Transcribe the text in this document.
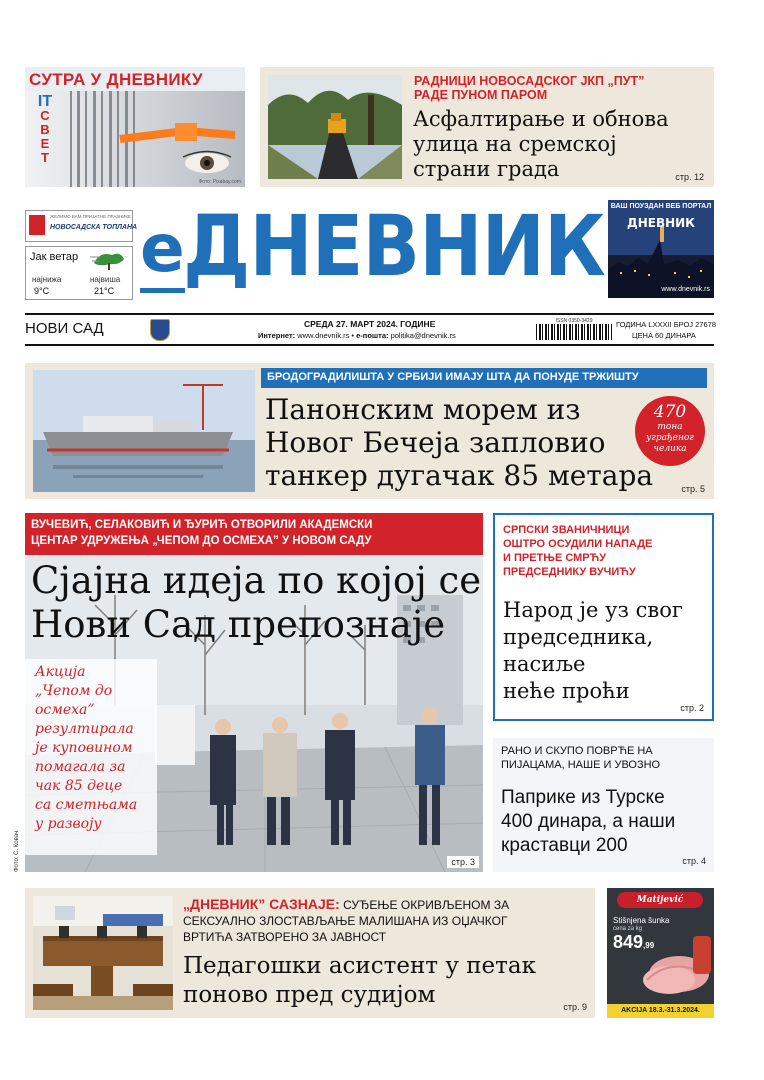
СУТРА У ДНЕВНИКУ
IT
С
В
Е
Т
Фото: Pixabay.com
РАДНИЦИ НОВОСАДСКОГ ЈКП „ПУТ”
РАДЕ ПУНОМ ПАРОМ
Асфалтирање и обнова
улица на сремској
страни града	стр. 12
ЖЕЛИМО ВАМ ПРИЈАТНЕ ПРАЗНИКЕ
НОВОСАДСКА ТОПЛАНА
Јак ветар
најнижа
9°C
највиша
21°C
e
ДНЕВНИК ВАШ ПОУЗДАН ВЕБ ПОРТАЛ
ДНЕВНИК
www.dnevnik.rs
НОВИ САД	СРЕДА 27. МАРТ 2024. ГОДИНЕ
Интернет: www.dnevnik.rs • е-пошта: politika@dnevnik.rs
ISSN 0350-3429	ГОДИНА LXXXII БРОЈ 27678
ЦЕНА 60 ДИНАРА
БРОДОГРАДИЛИШТА У СРБИЈИ ИМАЈУ ШТА ДА ПОНУДЕ ТРЖИШТУ
Панонским морем из
Новог Бечеја запловио
танкер дугачак 85 метара
470
тона
уграђеног
челика
стр. 5
ВУЧЕВИЋ, СЕЛАКОВИЋ И ЂУРИЋ ОТВОРИЛИ АКАДЕМСКИ
ЦЕНТАР УДРУЖЕЊА „ЧЕПОМ ДО ОСМЕХА” У НОВОМ САДУ
Сјајна идеја по којој се
Нови Сад препознаје
Акција
„Чепом до
осмеха”
резултирала
је куповином
помагала за
чак 85 деце
са сметњама
у развоју
стр. 3
Фото: С. Ковач
СРПСКИ ЗВАНИЧНИЦИ
ОШТРО ОСУДИЛИ НАПАДЕ
И ПРЕТЊЕ СМРЋУ
ПРЕДСЕДНИКУ ВУЧИЋУ
Народ је уз свог
председника,
насиље
неће проћи
стр. 2
РАНО И СКУПО ПОВРЋЕ НА
ПИЈАЦАМА, НАШЕ И УВОЗНО
Паприке из Турске
400 динара, а наши
краставци 200
стр. 4
„ДНЕВНИК” САЗНАЈЕ: СУЂЕЊЕ ОКРИВЉЕНОМ ЗА
СЕКСУАЛНО ЗЛОСТАВЉАЊЕ МАЛИШАНА ИЗ ОЏАЧКОГ
ВРТИЋА ЗАТВОРЕНО ЗА ЈАВНОСТ
Педагошки асистент у петак
поново пред судијом	стр. 9
Matijević
Stišnjena šunka
cena za kg
849,99
AKCIJA 18.3.-31.3.2024.
